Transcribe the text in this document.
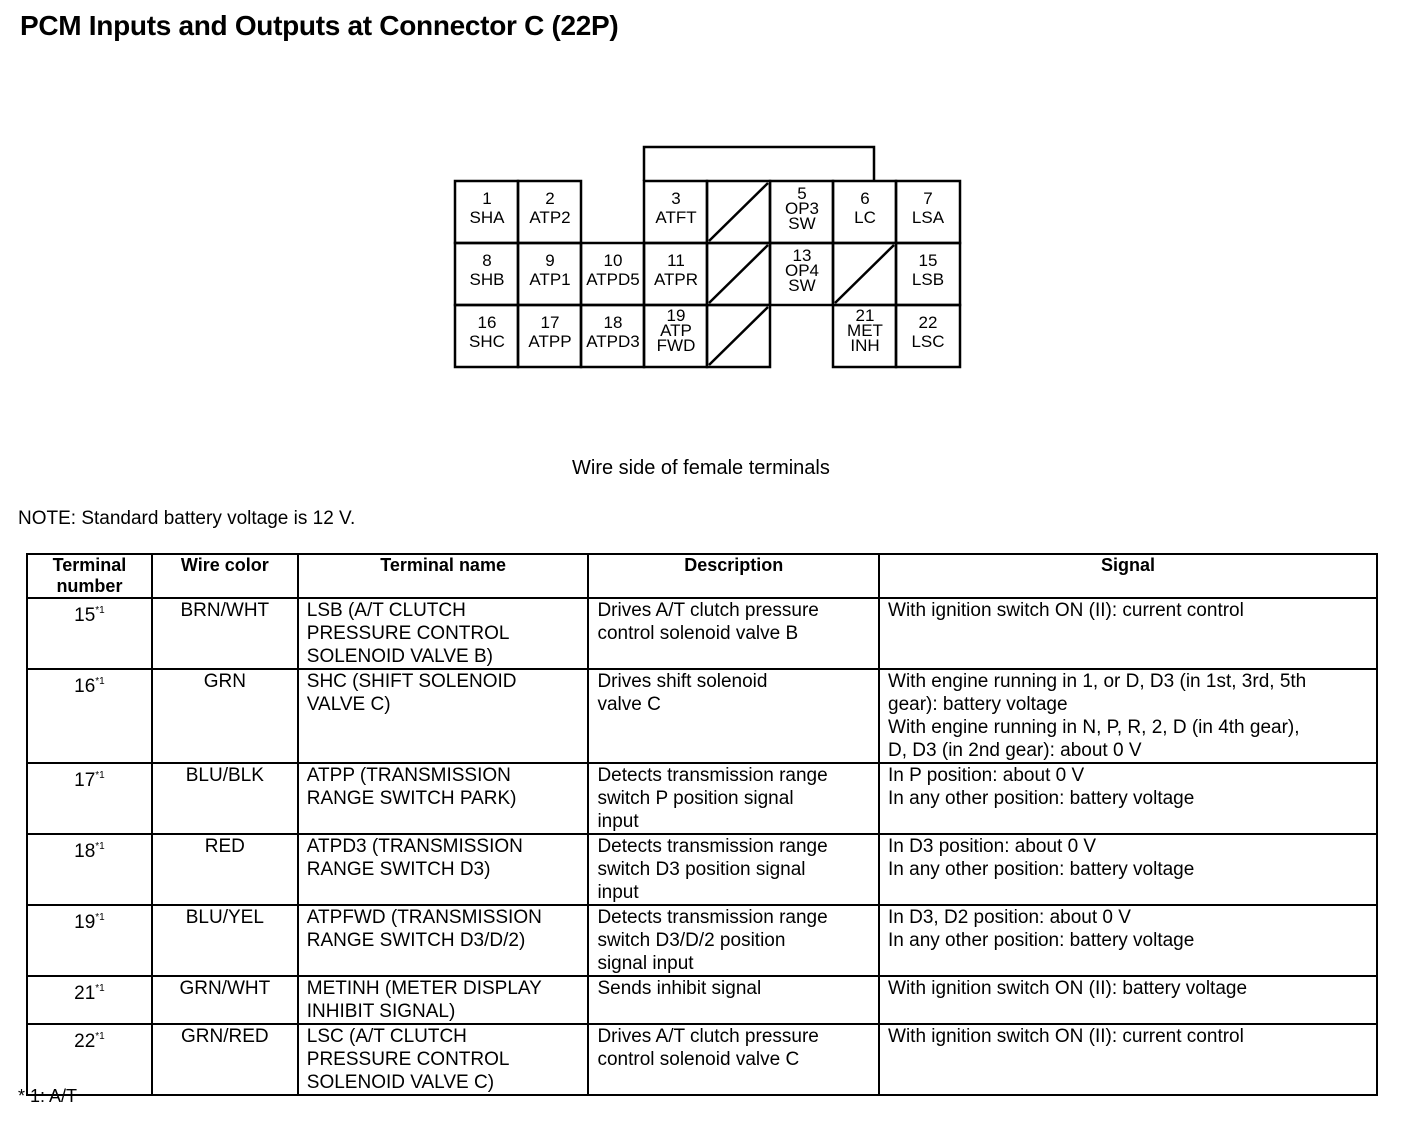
PCM Inputs and Outputs at Connector C (22P)
1
SHA
2
ATP2
3
ATFT
5
OP3
SW
6
LC
7
LSA
8
SHB
9
ATP1
10
ATPD5
11
ATPR
13
OP4
SW
15
LSB
16
SHC
17
ATPP
18
ATPD3
19
ATP
FWD
21
MET
INH
22
LSC
Wire side of female terminals
NOTE: Standard battery voltage is 12 V.
Terminal number	Wire color	Terminal name	Description	Signal
15$^{*1}$	BRN/WHT	LSB (A/T CLUTCH
PRESSURE CONTROL
SOLENOID VALVE B)	Drives A/T clutch pressure
control solenoid valve B	With ignition switch ON (II): current control

16$^{*1}$	GRN	SHC (SHIFT SOLENOID
VALVE C)	Drives shift solenoid
valve C	With engine running in 1, or D, D3 (in 1st, 3rd, 5th
gear): battery voltage
With engine running in N, P, R, 2, D (in 4th gear),
D, D3 (in 2nd gear): about 0 V

17$^{*1}$	BLU/BLK	ATPP (TRANSMISSION
RANGE SWITCH PARK)	Detects transmission range
switch P position signal
input	In P position: about 0 V
In any other position: battery voltage

18$^{*1}$	RED	ATPD3 (TRANSMISSION
RANGE SWITCH D3)	Detects transmission range
switch D3 position signal
input	In D3 position: about 0 V
In any other position: battery voltage

19$^{*1}$	BLU/YEL	ATPFWD (TRANSMISSION
RANGE SWITCH D3/D/2)	Detects transmission range
switch D3/D/2 position
signal input	In D3, D2 position: about 0 V
In any other position: battery voltage

21$^{*1}$	GRN/WHT	METINH (METER DISPLAY
INHIBIT SIGNAL)	Sends inhibit signal	With ignition switch ON (II): battery voltage

22$^{*1}$	GRN/RED	LSC (A/T CLUTCH
PRESSURE CONTROL
SOLENOID VALVE C)	Drives A/T clutch pressure
control solenoid valve C	With ignition switch ON (II): current control
* 1: A/T
